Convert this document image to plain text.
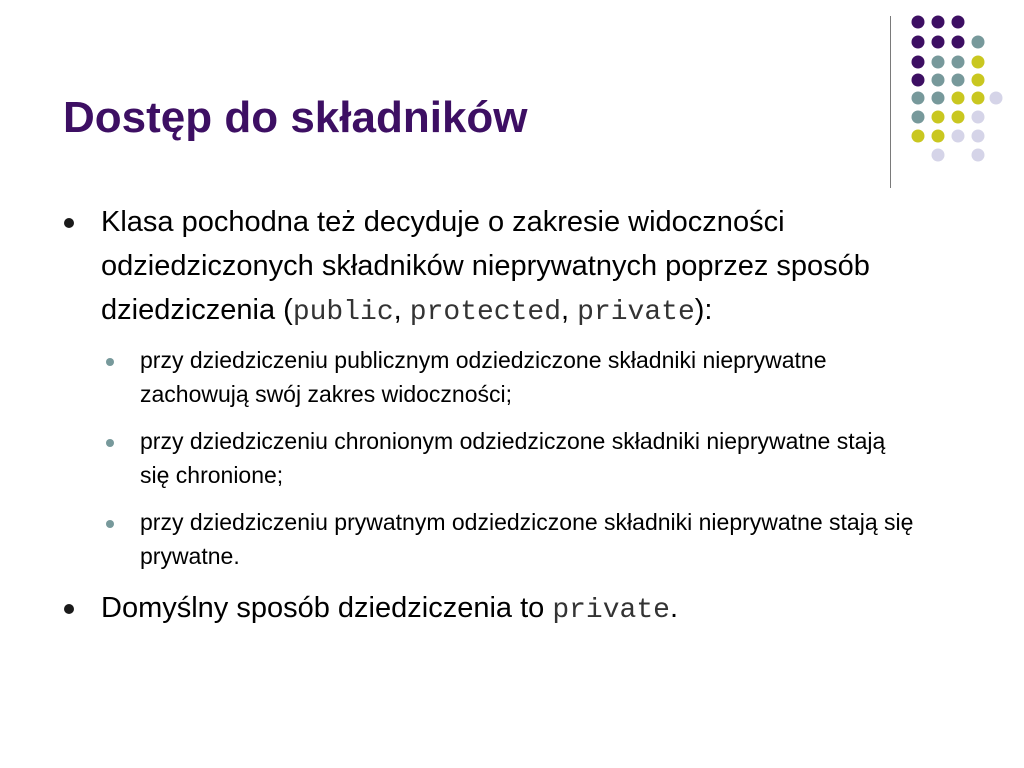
Dostęp do składników
Klasa pochodna też decyduje o zakresie widoczności odziedziczonych składników nieprywatnych poprzez sposób dziedziczenia (public, protected, private):
przy dziedziczeniu publicznym odziedziczone składniki nieprywatne zachowują swój zakres widoczności;
przy dziedziczeniu chronionym odziedziczone składniki nieprywatne stają się chronione;
przy dziedziczeniu prywatnym odziedziczone składniki nieprywatne stają się prywatne.
Domyślny sposób dziedziczenia to private.
